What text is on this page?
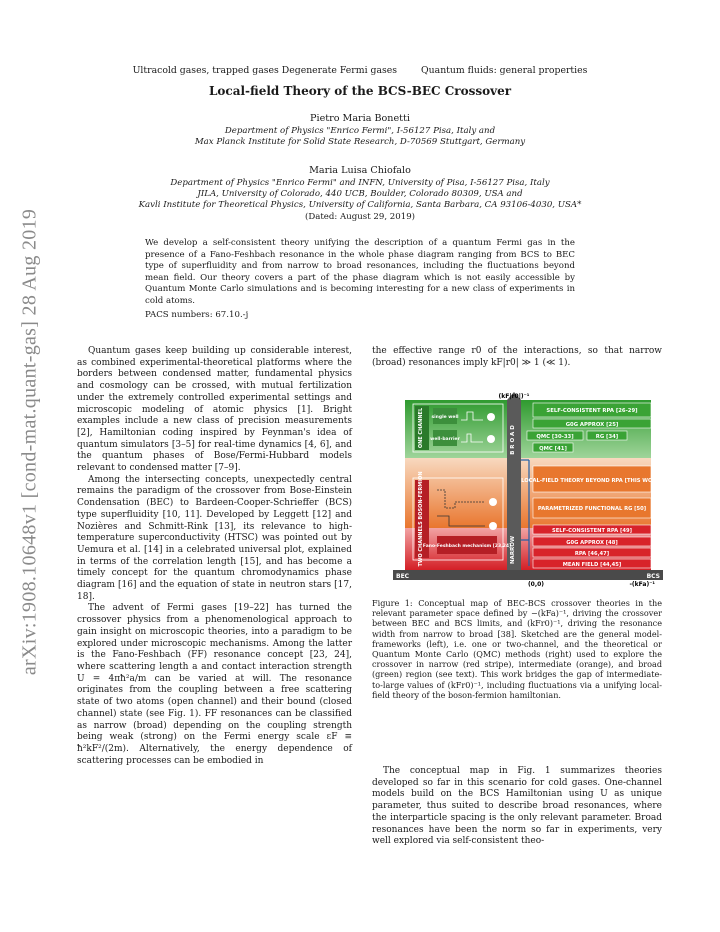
arXiv:1908.10648v1 [cond-mat.quant-gas] 28 Aug 2019
Ultracold gases, trapped gases Degenerate Fermi gases	Quantum fluids: general properties
Local-field Theory of the BCS-BEC Crossover
Pietro Maria Bonetti
Department of Physics "Enrico Fermi", I-56127 Pisa, Italy and
Max Planck Institute for Solid State Research, D-70569 Stuttgart, Germany
Maria Luisa Chiofalo
Department of Physics "Enrico Fermi" and INFN, University of Pisa, I-56127 Pisa, Italy
JILA, University of Colorado, 440 UCB, Boulder, Colorado 80309, USA and
Kavli Institute for Theoretical Physics, University of California, Santa Barbara, CA 93106-4030, USA*
(Dated: August 29, 2019)
We develop a self-consistent theory unifying the description of a quantum Fermi gas in the presence of a Fano-Feshbach resonance in the whole phase diagram ranging from BCS to BEC type of superfluidity and from narrow to broad resonances, including the fluctuations beyond mean field. Our theory covers a part of the phase diagram which is not easily accessible by Quantum Monte Carlo simulations and is becoming interesting for a new class of experiments in cold atoms.
PACS numbers: 67.10.-j

Quantum gases keep building up considerable interest, as combined experimental-theoretical platforms where the borders between condensed matter, fundamental physics and cosmology can be crossed, with mutual fertilization under the extremely controlled experimental settings and microscopic modeling of atomic physics [1]. Bright examples include a new class of precision measurements [2], Hamiltonian coding inspired by Feynman's idea of quantum simulators [3–5] for real-time dynamics [4, 6], and the quantum phases of Bose/Fermi-Hubbard models relevant to condensed matter [7–9].

Among the intersecting concepts, unexpectedly central remains the paradigm of the crossover from Bose-Einstein Condensation (BEC) to Bardeen-Cooper-Schrieffer (BCS) type superfluidity [10, 11]. Developed by Leggett [12] and Nozières and Schmitt-Rink [13], its relevance to high-temperature superconductivity (HTSC) was pointed out by Uemura et al. [14] in a celebrated universal plot, explained in terms of the correlation length [15], and has become a timely concept for the quantum chromodynamics phase diagram [16] and the equation of state in neutron stars [17, 18].

The advent of Fermi gases [19–22] has turned the crossover physics from a phenomenological approach to gain insight on microscopic theories, into a paradigm to be explored under microscopic mechanisms. Among the latter is the Fano-Feshbach (FF) resonance concept [23, 24], where scattering length a and contact interaction strength U = 4πħ²a/m can be varied at will. The resonance originates from the coupling between a free scattering state of two atoms (open channel) and their bound (closed channel) state (see Fig. 1). FF resonances can be classified as narrow (broad) depending on the coupling strength being weak (strong) on the Fermi energy scale εF ≡ ħ²kF²/(2m). Alternatively, the energy dependence of scattering processes can be embodied in

the effective range r0 of the interactions, so that narrow (broad) resonances imply kF|r0| ≫ 1 (≪ 1).

BEC	BCS
(0,0)	-(kFa)⁻¹
(kF|r0|)⁻¹
B R O A D
NARROW
MODELS [51]	QMC [46,51]
ONE CHANNEL single well
well-barrier
TWO CHANNELS BOSON-FERMION
Fano-Feshbach mechanism [23,24]
SELF-CONSISTENT RPA [26-29]
G0G APPROX [25]
QMC [30-33]	RG [34]
QMC [41]
LOCAL-FIELD THEORY BEYOND RPA [THIS WORK]
PARAMETRIZED FUNCTIONAL RG [50]
SELF-CONSISTENT RPA [49]
G0G APPROX [48]
RPA [46,47]
MEAN FIELD [44,45]
Figure 1: Conceptual map of BEC-BCS crossover theories in the relevant parameter space defined by −(kFa)⁻¹, driving the crossover between BEC and BCS limits, and (kFr0)⁻¹, driving the resonance width from narrow to broad [38]. Sketched are the general model-frameworks (left), i.e. one or two-channel, and the theoretical or Quantum Monte Carlo (QMC) methods (right) used to explore the crossover in narrow (red stripe), intermediate (orange), and broad (green) region (see text). This work bridges the gap of intermediate-to-large values of (kFr0)⁻¹, including fluctuations via a unifying local-field theory of the boson-fermion hamiltonian.

The conceptual map in Fig. 1 summarizes theories developed so far in this scenario for cold gases. One-channel models build on the BCS Hamiltonian using U as unique parameter, thus suited to describe broad resonances, where the interparticle spacing is the only relevant parameter. Broad resonances have been the norm so far in experiments, very well explored via self-consistent theo-
